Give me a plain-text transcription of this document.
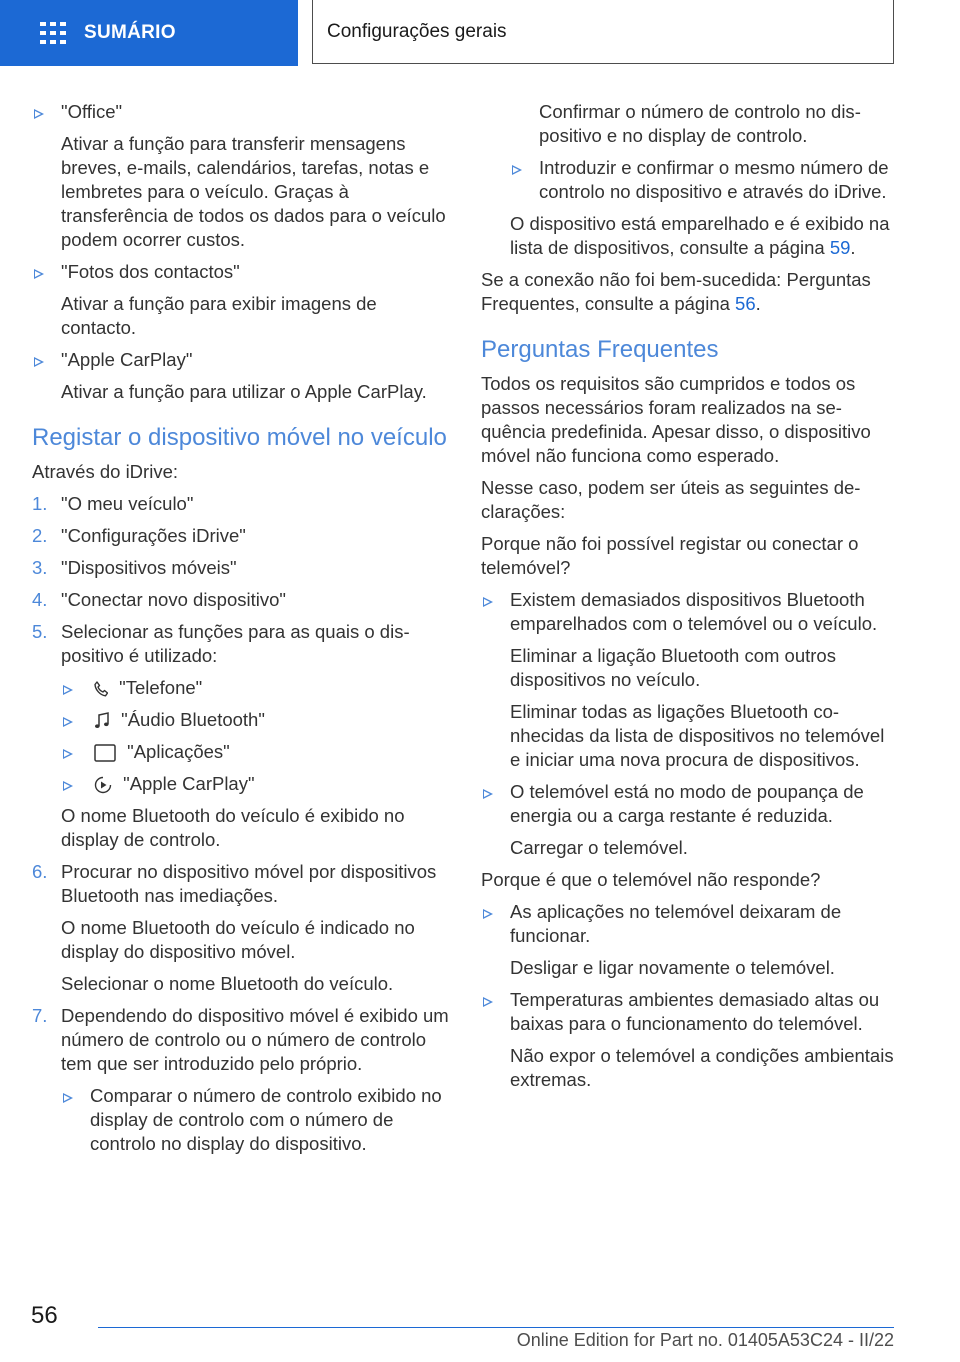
SUMÁRIO	Configurações gerais

"Office"

Ativar a função para transferir mensagens breves, e-mails, calendários, tarefas, notas e lembretes para o veículo. Graças à transferência de todos os dados para o veículo podem ocorrer custos.

"Fotos dos contactos"

Ativar a função para exibir imagens de contacto.

"Apple CarPlay"

Ativar a função para utilizar o Apple CarPlay.

Registar o dispositivo móvel no veículo

Através do iDrive:

1. "O meu veículo"
2. "Configurações iDrive"
3. "Dispositivos móveis"
4. "Conectar novo dispositivo"
5. Selecionar as funções para as quais o dispositivo é utilizado:

"Telefone"
"Áudio Bluetooth"
"Aplicações"
"Apple CarPlay"

O nome Bluetooth do veículo é exibido no display de controlo.

6. Procurar no dispositivo móvel por dispositivos Bluetooth nas imediações.

O nome Bluetooth do veículo é indicado no display do dispositivo móvel.

Selecionar o nome Bluetooth do veículo.

7. Dependendo do dispositivo móvel é exibido um número de controlo ou o número de controlo tem que ser introduzido pelo próprio.

Comparar o número de controlo exibido no display de controlo com o número de controlo no display do dispositivo.

Confirmar o número de controlo no dispositivo e no display de controlo.

Introduzir e confirmar o mesmo número de controlo no dispositivo e através do iDrive.

O dispositivo está emparelhado e é exibido na lista de dispositivos, consulte a página 59.

Se a conexão não foi bem-sucedida: Perguntas Frequentes, consulte a página 56.

Perguntas Frequentes

Todos os requisitos são cumpridos e todos os passos necessários foram realizados na sequência predefinida. Apesar disso, o dispositivo móvel não funciona como esperado.

Nesse caso, podem ser úteis as seguintes declarações:

Porque não foi possível registar ou conectar o telemóvel?

Existem demasiados dispositivos Bluetooth emparelhados com o telemóvel ou o veículo.

Eliminar a ligação Bluetooth com outros dispositivos no veículo.

Eliminar todas as ligações Bluetooth conhecidas da lista de dispositivos no telemóvel e iniciar uma nova procura de dispositivos.

O telemóvel está no modo de poupança de energia ou a carga restante é reduzida.

Carregar o telemóvel.

Porque é que o telemóvel não responde?

As aplicações no telemóvel deixaram de funcionar.

Desligar e ligar novamente o telemóvel.

Temperaturas ambientes demasiado altas ou baixas para o funcionamento do telemóvel.

Não expor o telemóvel a condições ambientais extremas.

56
Online Edition for Part no. 01405A53C24 - II/22
